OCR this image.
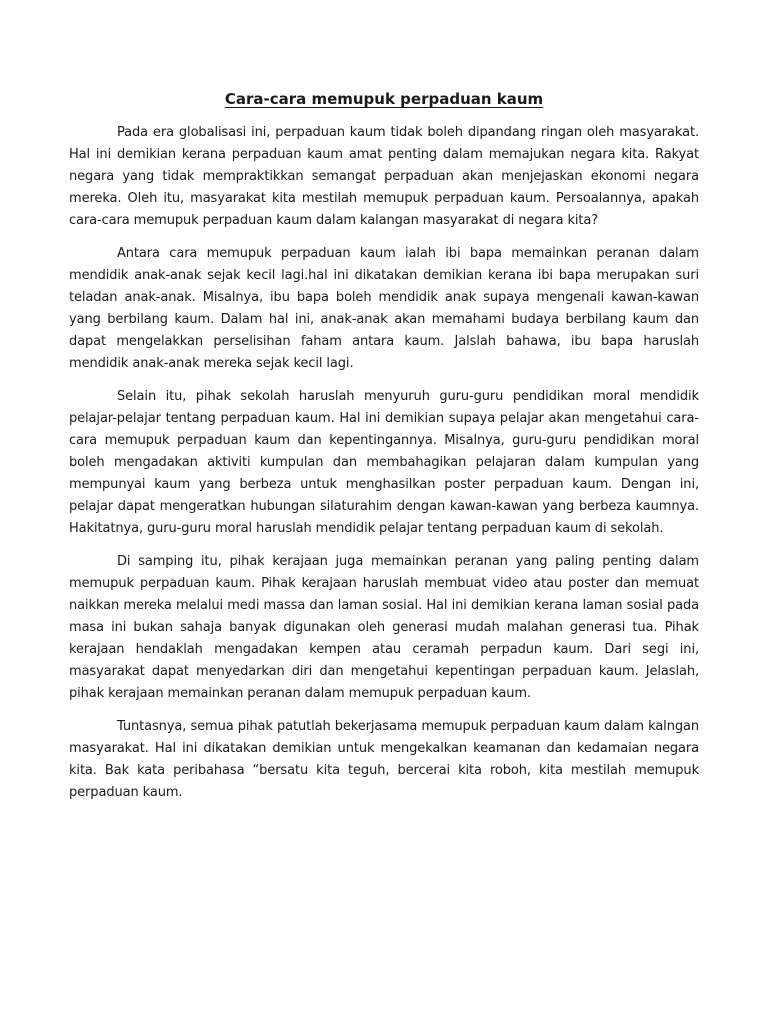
Cara-cara memupuk perpaduan kaum

Pada era globalisasi ini, perpaduan kaum tidak boleh dipandang ringan oleh masyarakat. Hal ini demikian kerana perpaduan kaum amat penting dalam memajukan negara kita. Rakyat negara yang tidak mempraktikkan semangat perpaduan akan menjejaskan ekonomi negara mereka. Oleh itu, masyarakat kita mestilah memupuk perpaduan kaum. Persoalannya, apakah cara-cara memupuk perpaduan kaum dalam kalangan masyarakat di negara kita?

Antara cara memupuk perpaduan kaum ialah ibi bapa memainkan peranan dalam mendidik anak-anak sejak kecil lagi.hal ini dikatakan demikian kerana ibi bapa merupakan suri teladan anak-anak. Misalnya, ibu bapa boleh mendidik anak supaya mengenali kawan-kawan yang berbilang kaum. Dalam hal ini, anak-anak akan memahami budaya berbilang kaum dan dapat mengelakkan perselisihan faham antara kaum. Jalslah bahawa, ibu bapa haruslah mendidik anak-anak mereka sejak kecil lagi.

Selain itu, pihak sekolah haruslah menyuruh guru-guru pendidikan moral mendidik pelajar-pelajar tentang perpaduan kaum. Hal ini demikian supaya pelajar akan mengetahui cara-cara memupuk perpaduan kaum dan kepentingannya. Misalnya, guru-guru pendidikan moral boleh mengadakan aktiviti kumpulan dan membahagikan pelajaran dalam kumpulan yang mempunyai kaum yang berbeza untuk menghasilkan poster perpaduan kaum. Dengan ini, pelajar dapat mengeratkan hubungan silaturahim dengan kawan-kawan yang berbeza kaumnya. Hakitatnya, guru-guru moral haruslah mendidik pelajar tentang perpaduan kaum di sekolah.

Di samping itu, pihak kerajaan juga memainkan peranan yang paling penting dalam memupuk perpaduan kaum. Pihak kerajaan haruslah membuat video atau poster dan memuat naikkan mereka melalui medi massa dan laman sosial. Hal ini demikian kerana laman sosial pada masa ini bukan sahaja banyak digunakan oleh generasi mudah malahan generasi tua. Pihak kerajaan hendaklah mengadakan kempen atau ceramah perpadun kaum. Dari segi ini, masyarakat dapat menyedarkan diri dan mengetahui kepentingan perpaduan kaum. Jelaslah, pihak kerajaan memainkan peranan dalam memupuk perpaduan kaum.

Tuntasnya, semua pihak patutlah bekerjasama memupuk perpaduan kaum dalam kalngan masyarakat. Hal ini dikatakan demikian untuk mengekalkan keamanan dan kedamaian negara kita. Bak kata peribahasa “bersatu kita teguh, bercerai kita roboh, kita mestilah memupuk perpaduan kaum.
